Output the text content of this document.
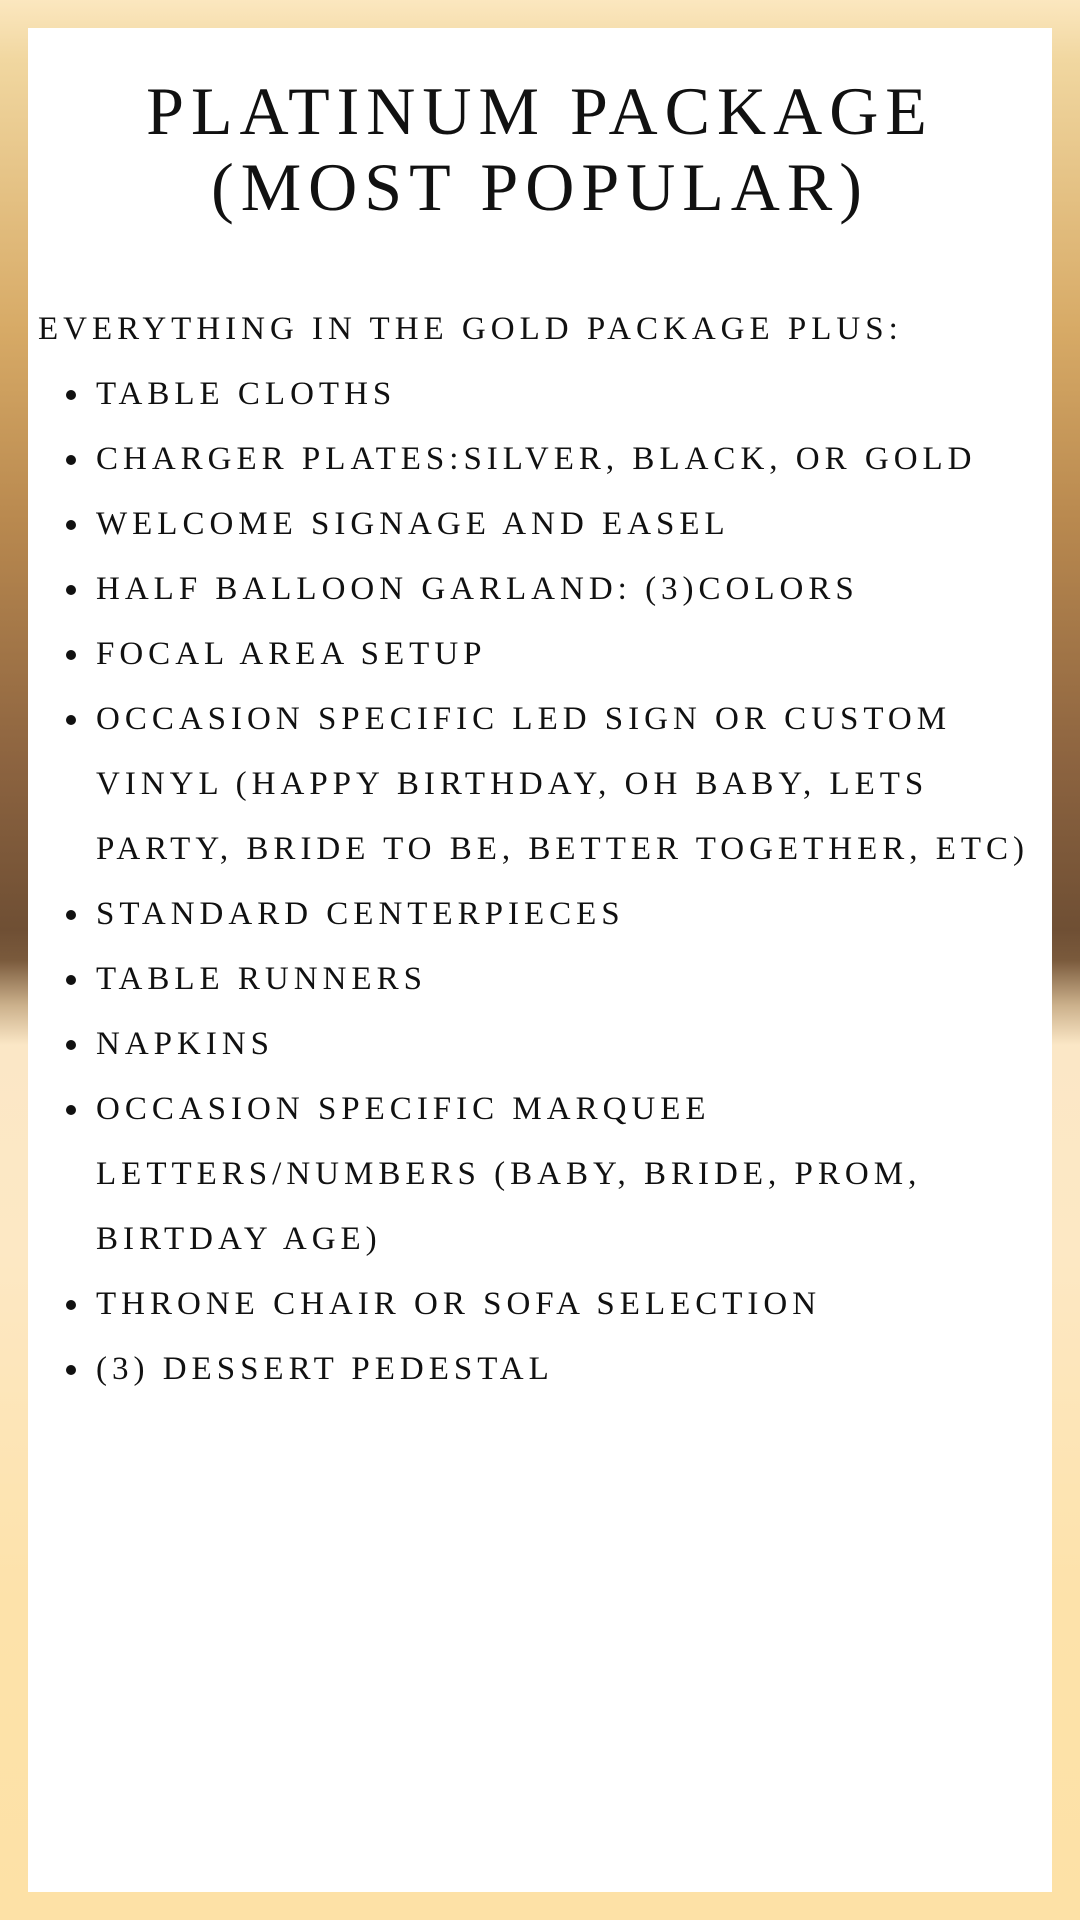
PLATINUM PACKAGE
(MOST POPULAR)

EVERYTHING IN THE GOLD PACKAGE PLUS:

TABLE CLOTHS
CHARGER PLATES:SILVER, BLACK, OR GOLD
WELCOME SIGNAGE AND EASEL
HALF BALLOON GARLAND: (3)COLORS
FOCAL AREA SETUP
OCCASION SPECIFIC LED SIGN OR CUSTOM VINYL (HAPPY BIRTHDAY, OH BABY, LETS PARTY, BRIDE TO BE, BETTER TOGETHER, ETC)
STANDARD CENTERPIECES
TABLE RUNNERS
NAPKINS
OCCASION SPECIFIC MARQUEE LETTERS/NUMBERS (BABY, BRIDE, PROM, BIRTDAY AGE)
THRONE CHAIR OR SOFA SELECTION
(3) DESSERT PEDESTAL
